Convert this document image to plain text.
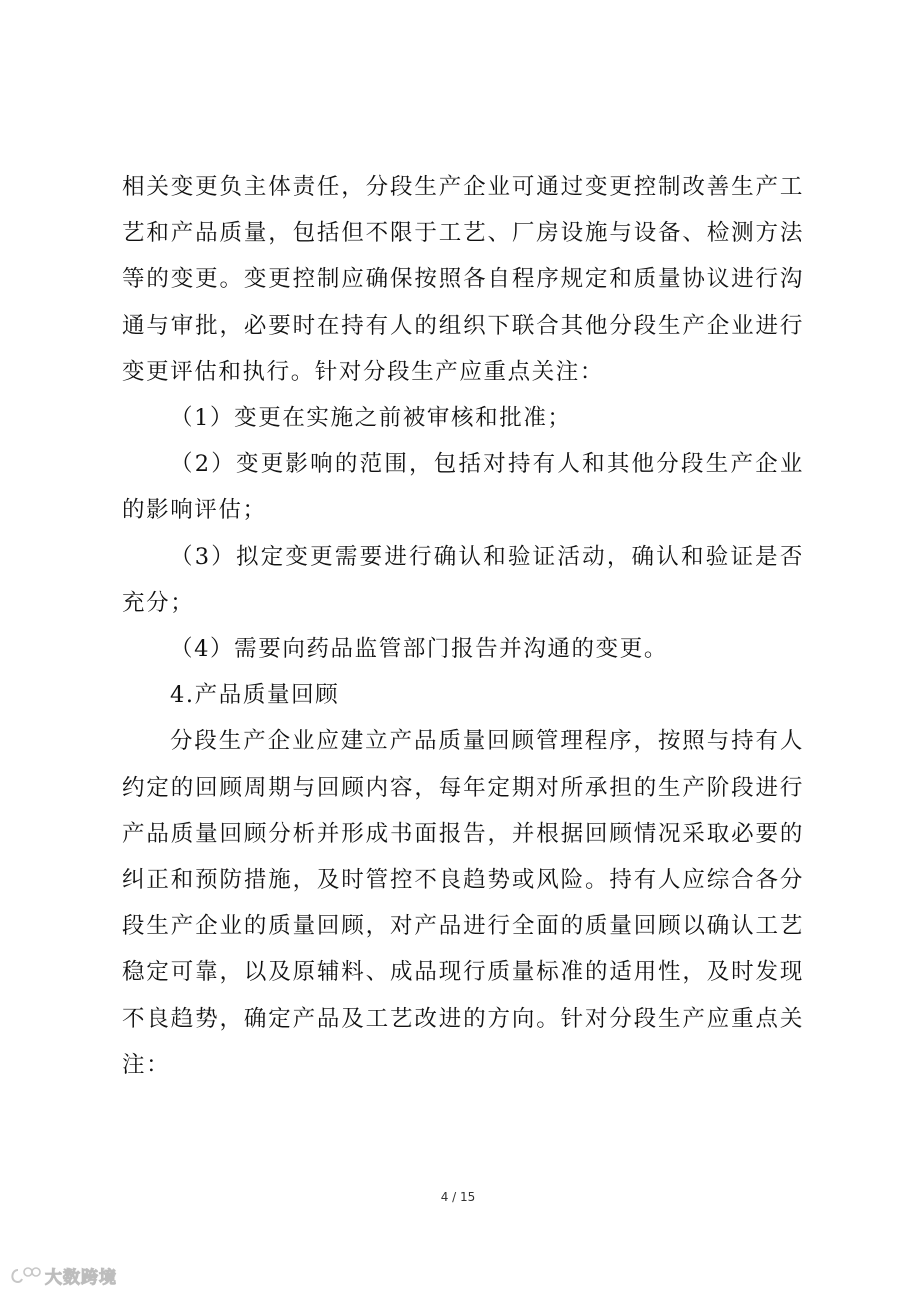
相关变更负主体责任，分段生产企业可通过变更控制改善生产工艺和产品质量，包括但不限于工艺、厂房设施与设备、检测方法等的变更。变更控制应确保按照各自程序规定和质量协议进行沟通与审批，必要时在持有人的组织下联合其他分段生产企业进行变更评估和执行。针对分段生产应重点关注：

（1）变更在实施之前被审核和批准；

（2）变更影响的范围，包括对持有人和其他分段生产企业的影响评估；

（3）拟定变更需要进行确认和验证活动，确认和验证是否充分；

（4）需要向药品监管部门报告并沟通的变更。

4.产品质量回顾

分段生产企业应建立产品质量回顾管理程序，按照与持有人约定的回顾周期与回顾内容，每年定期对所承担的生产阶段进行产品质量回顾分析并形成书面报告，并根据回顾情况采取必要的纠正和预防措施，及时管控不良趋势或风险。持有人应综合各分段生产企业的质量回顾，对产品进行全面的质量回顾以确认工艺稳定可靠，以及原辅料、成品现行质量标准的适用性，及时发现不良趋势，确定产品及工艺改进的方向。针对分段生产应重点关注：

4 / 15
大数跨境
